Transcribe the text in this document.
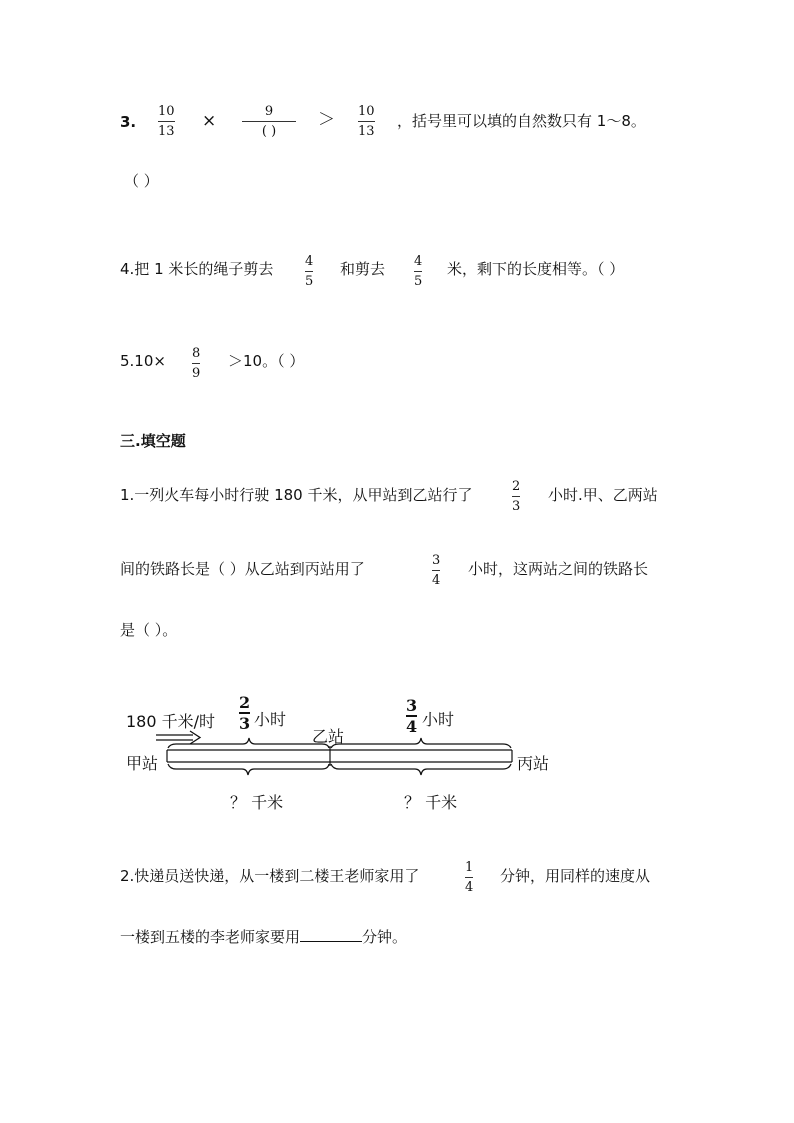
3.
10
13
×	9
( )
＞ 10
13
，括号里可以填的自然数只有 1～8。
（ ）
4.把 1 米长的绳子剪去 4
5
和剪去 4
5
米，剩下的长度相等。（ ）
5.10× 8
9
＞10。（ ）
三.填空题
1.一列火车每小时行驶 180 千米，从甲站到乙站行了	2
3
小时.甲、乙两站
间的铁路长是（ ）从乙站到丙站用了	3
4
小时，这两站之间的铁路长
是（ ）。
180 千米/时
2
3 小时
乙站
3
4 小时
甲站	丙站
？ 千米	？ 千米
2.快递员送快递，从一楼到二楼王老师家用了	1
4
分钟，用同样的速度从
一楼到五楼的李老师家要用	分钟。
